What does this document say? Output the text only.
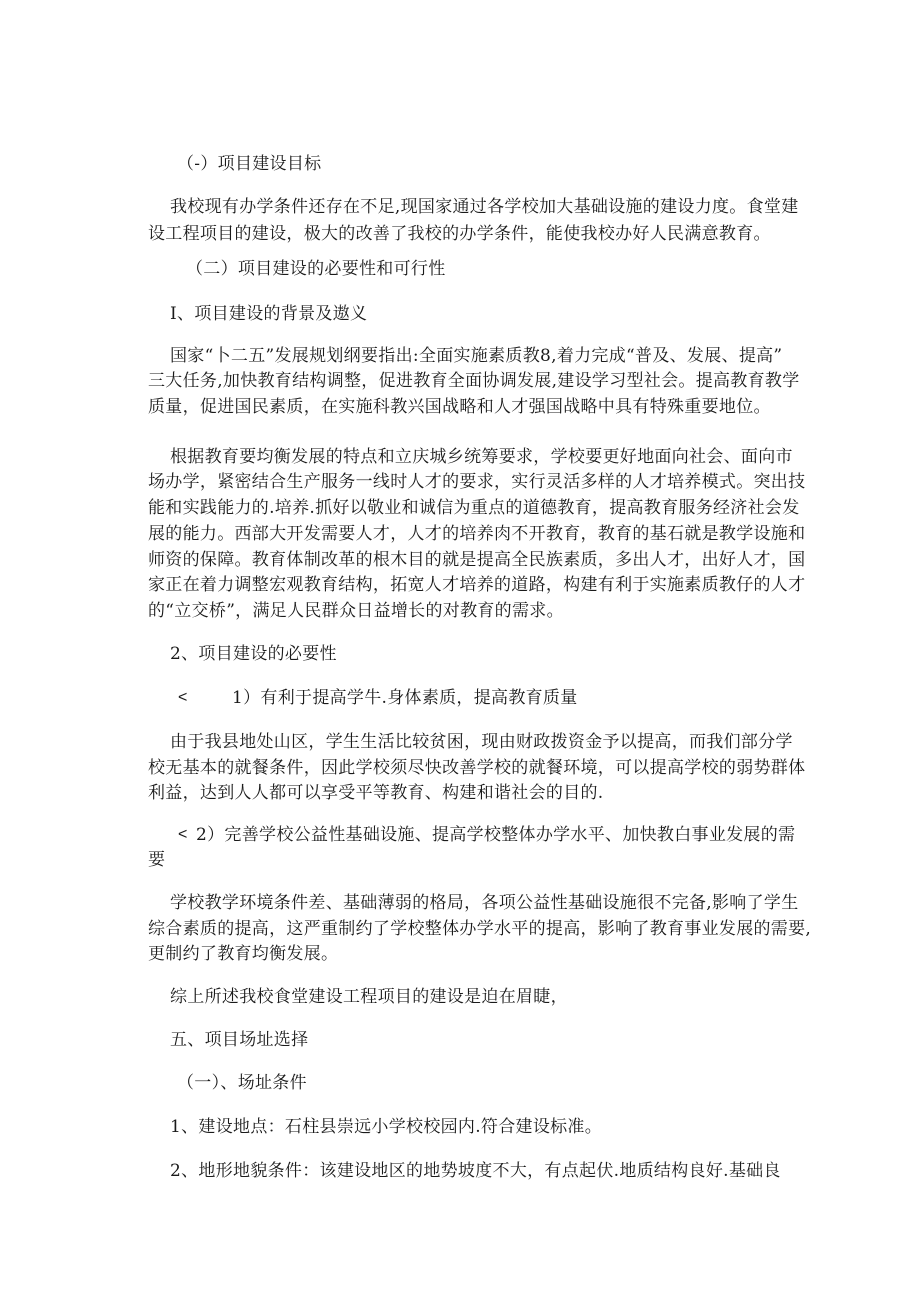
（-）项目建设目标
我校现有办学条件还存在不足,现国家通过各学校加大基础设施的建设力度。食堂建
设工程项目的建设，极大的改善了我校的办学条件，能使我校办好人民满意教育。
（二）项目建设的必要性和可行性
I、项目建设的背景及遨义
国家“卜二五”发展规划纲要指出:全面实施素质教8,着力完成“普及、发展、提高”
三大任务,加快教育结构调整，促进教育全面协调发展,建设学习型社会。提高教育教学
质量，促进国民素质，在实施科教兴国战略和人才强国战略中具有特殊重要地位。
根据教育要均衡发展的特点和立庆城乡统筹要求，学校要更好地面向社会、面向市
场办学，紧密结合生产服务一线时人才的要求，实行灵活多样的人才培养模式。突出技
能和实践能力的.培养.抓好以敬业和诚信为重点的道德教育，提高教育服务经济社会发
展的能力。西部大开发需要人才，人才的培养肉不开教育，教育的基石就是教学设施和
师资的保障。教育体制改革的根木目的就是提高全民族素质，多出人才，出好人才，国
家正在着力调整宏观教育结构，拓宽人才培养的道路，构建有利于实施素质教仔的人才
的“立交桥”，满足人民群众日益增长的对教育的需求。
2、项目建设的必要性
<	1）有利于提高学牛.身体素质，提高教育质量
由于我县地处山区，学生生活比较贫困，现由财政拨资金予以提高，而我们部分学
校无基本的就餐条件，因此学校须尽快改善学校的就餐环境，可以提高学校的弱势群体
利益，达到人人都可以享受平等教育、构建和谐社会的目的.
< 2）完善学校公益性基础设施、提高学校整体办学水平、加快教白事业发展的需
要
学校教学环境条件差、基础薄弱的格局，各项公益性基础设施很不完备,影响了学生
综合素质的提高，这严重制约了学校整体办学水平的提高，影响了教育事业发展的需要,
更制约了教育均衡发展。
综上所述我校食堂建设工程项目的建设是迫在眉睫，
五、项目场址选择
（一）、场址条件
1、建设地点：石柱县崇远小学校校园内.符合建设标准。
2、地形地貌条件：该建设地区的地势坡度不大，有点起伏.地质结构良好.基础良
